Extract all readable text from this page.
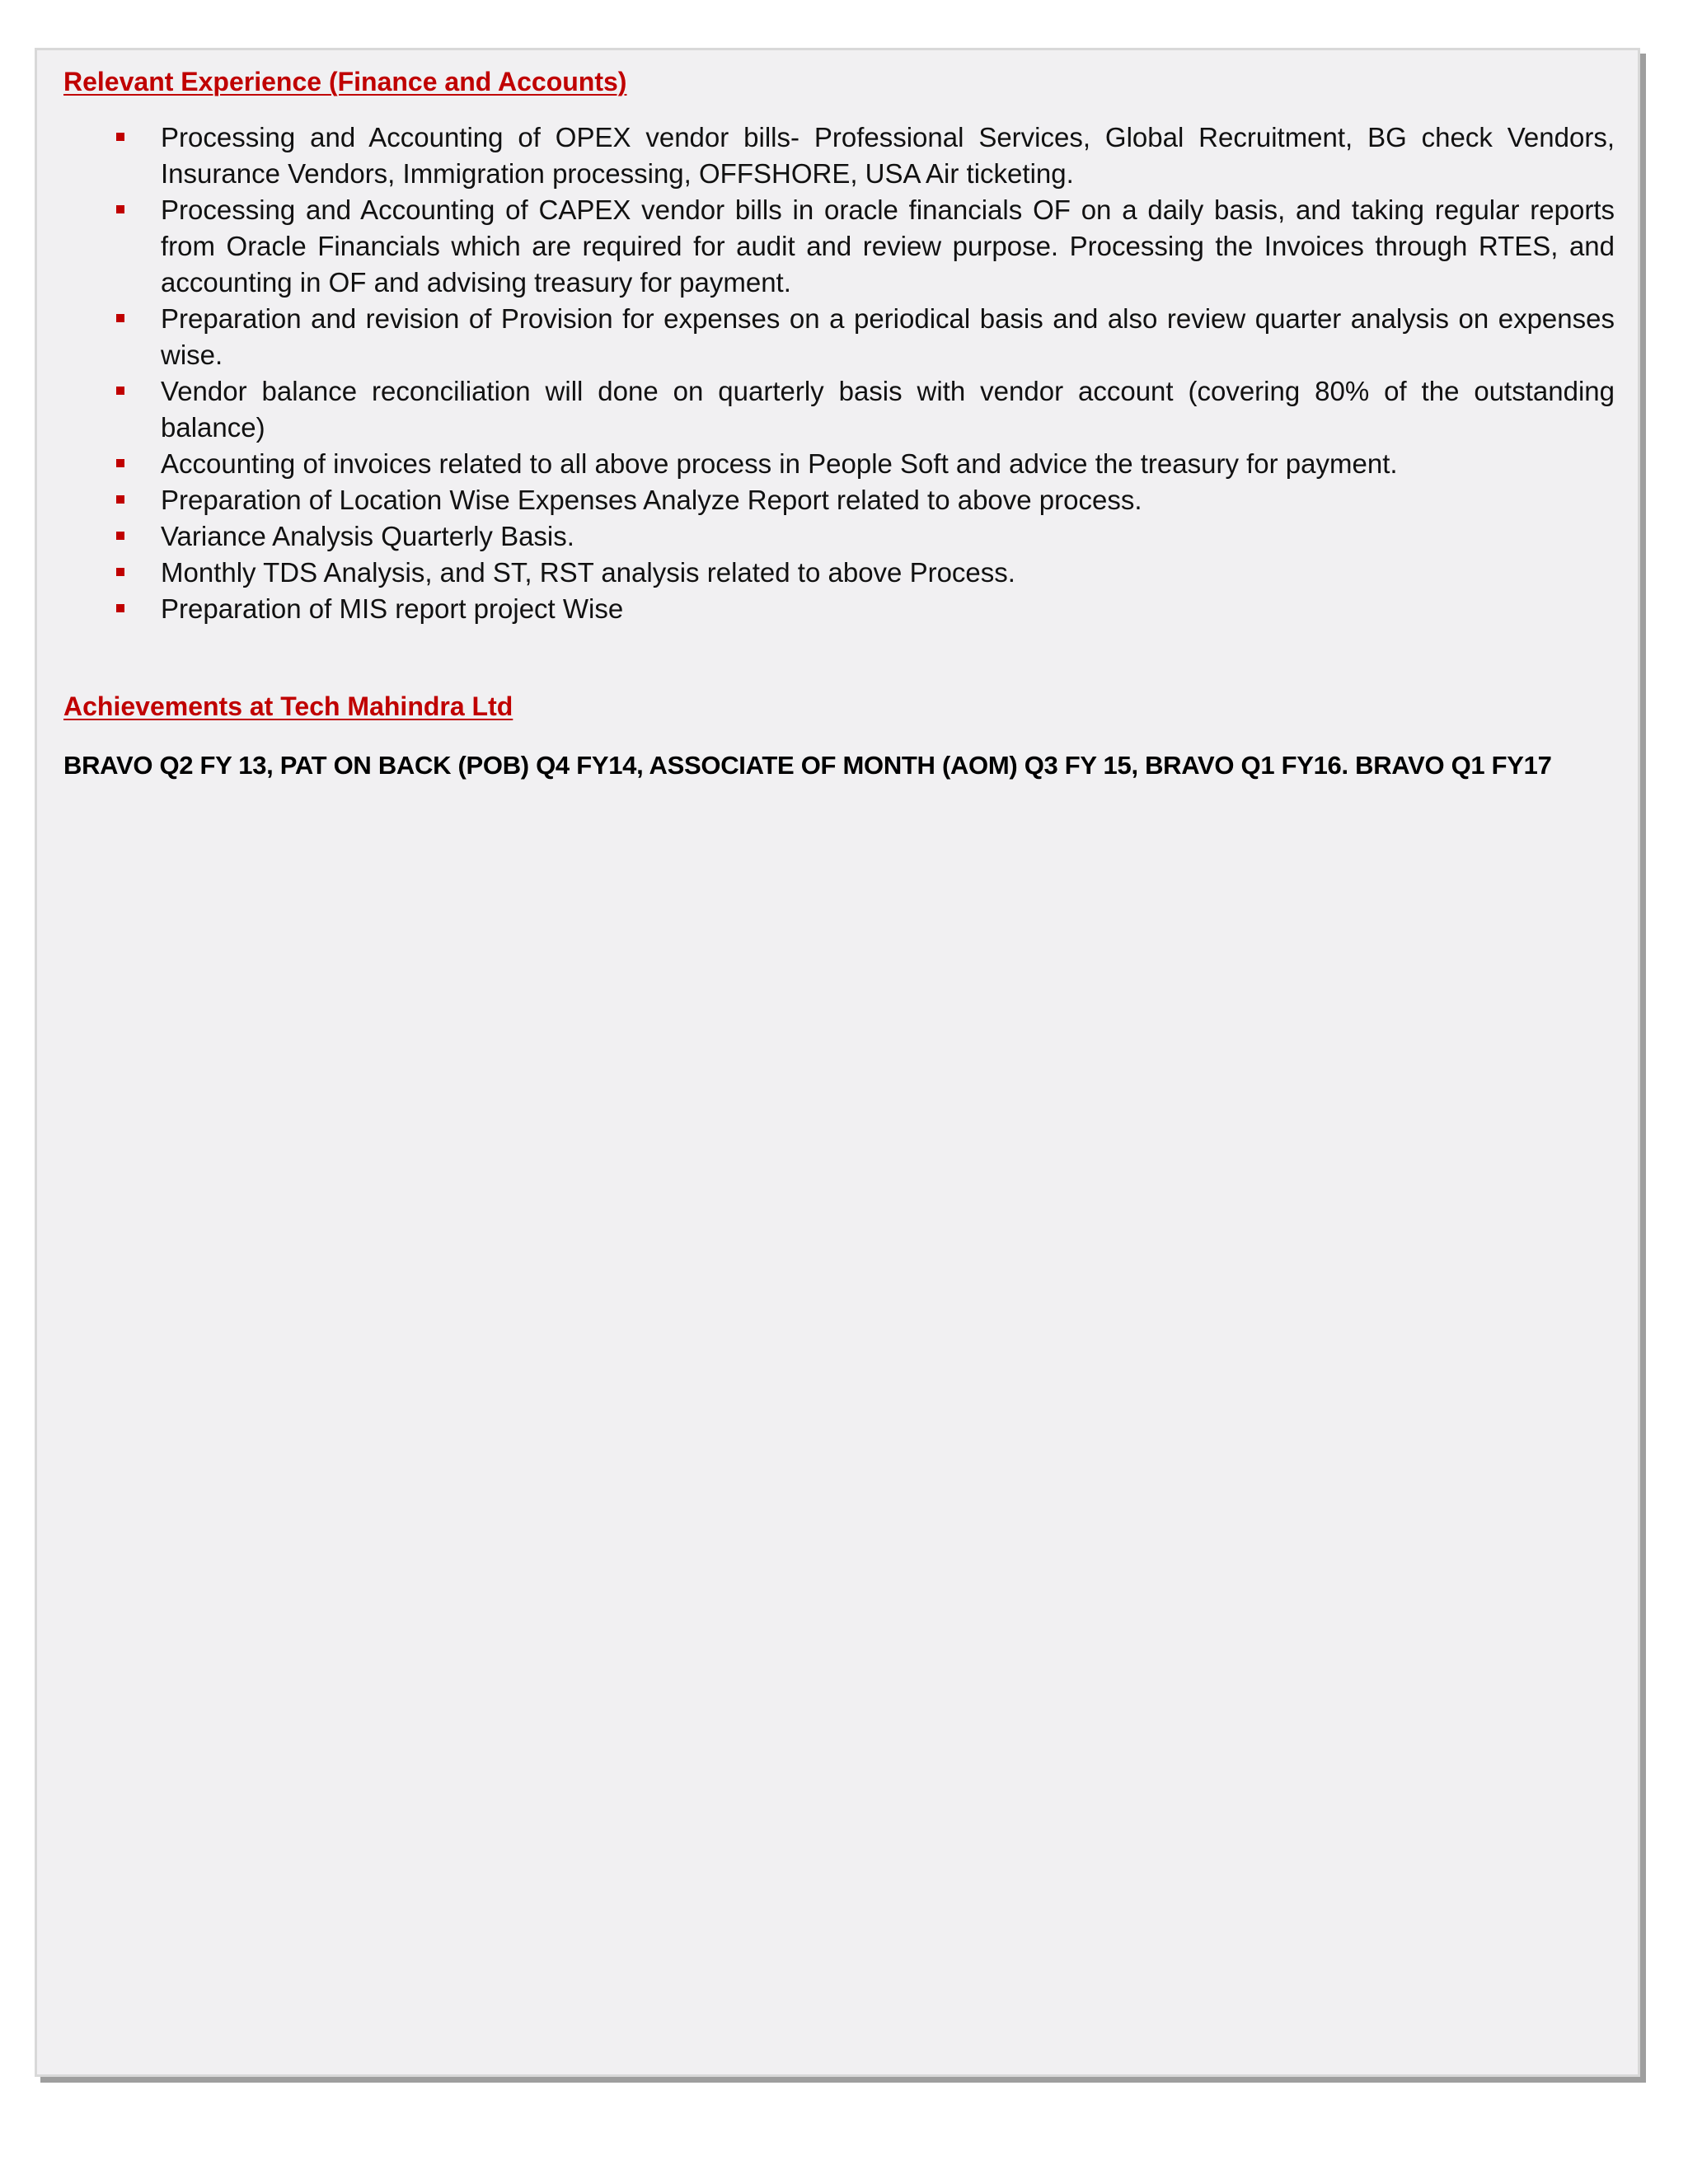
Relevant Experience (Finance and Accounts)
Processing and Accounting of OPEX vendor bills- Professional Services, Global Recruitment, BG check Vendors, Insurance Vendors, Immigration processing, OFFSHORE, USA Air ticketing.
Processing and Accounting of CAPEX vendor bills in oracle financials OF on a daily basis, and taking regular reports from Oracle Financials which are required for audit and review purpose. Processing the Invoices through RTES, and accounting in OF and advising treasury for payment.
Preparation and revision of Provision for expenses on a periodical basis and also review quarter analysis on expenses wise.
Vendor balance reconciliation will done on quarterly basis with vendor account (covering 80% of the outstanding balance)
Accounting of invoices related to all above process in People Soft and advice the treasury for payment.
Preparation of Location Wise Expenses Analyze Report related to above process.
Variance Analysis Quarterly Basis.
Monthly TDS Analysis, and ST, RST analysis related to above Process.
Preparation of MIS report project Wise
Achievements at Tech Mahindra Ltd

BRAVO Q2 FY 13, PAT ON BACK (POB) Q4 FY14, ASSOCIATE OF MONTH (AOM) Q3 FY 15, BRAVO Q1 FY16. BRAVO Q1 FY17
